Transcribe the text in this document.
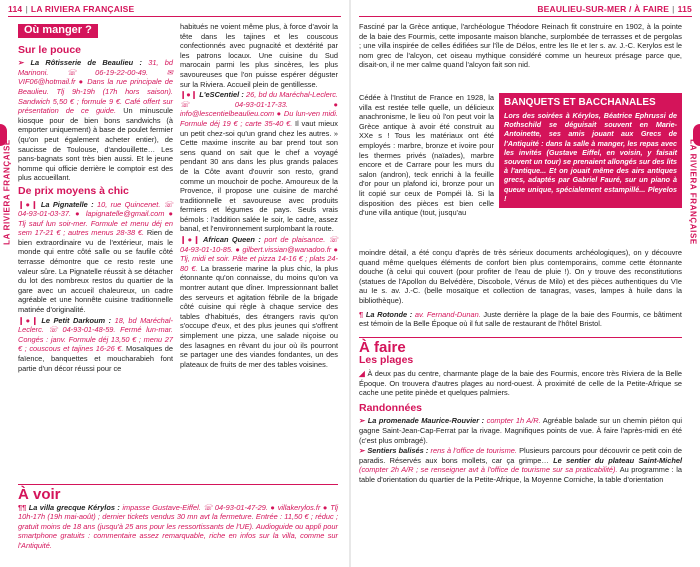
114 | LA RIVIERA FRANÇAISE
LA RIVIERA FRANÇAISE
Où manger ?
Sur le pouce

➢ La Rôtisserie de Beaulieu : 31, bd Marinoni. ☏ 06-19-22-00-49. ✉ VIF06@hotmail.fr ● Dans la rue principale de Beaulieu. Tlj 9h-19h (17h hors saison). Sandwich 5,50 € ; formule 9 €. Café offert sur présentation de ce guide. Un minuscule kiosque pour de bien bons sandwichs (à emporter uniquement) à base de poulet fermier (qu'on peut également acheter entier), de saucisse de Toulouse, d'andouillette… Les pans-bagnats sont très bien aussi. Et le jeune homme qui officie derrière le comptoir est des plus accueillant.

De prix moyens à chic

❙●❙ La Pignatelle : 10, rue Quincenet. ☏ 04-93-01-03-37. ● lapignatelle@gmail.com ● Tlj sauf lun soir-mer. Formule et menu déj en sem 17-21 € ; autres menus 28-38 €. Rien de bien extraordinaire vu de l'extérieur, mais le monde qui entre côté salle ou se faufile côté terrasse démontre que ce resto reste une valeur sûre. La Pignatelle réussit à se détacher du lot des nombreux restos du quartier de la gare avec un accueil chaleureux, un cadre agréable et une honnête cuisine traditionnelle matinée d'originalité.

❙●❙ Le Petit Darkoum : 18, bd Maréchal-Leclerc. ☏ 04-93-01-48-59. Fermé lun-mar. Congés : janv. Formule déj 13,50 € ; menu 27 € ; couscous et tajines 16-26 €. Mosaïques de faïence, banquettes et moucharabieh font partie d'un décor réussi pour ce

habitués ne voient même plus, à force d'avoir la tête dans les tajines et les couscous confectionnés avec pugnacité et dextérité par les patrons locaux. Une cuisine du Sud marocain parmi les plus sincères, les plus savoureuses que l'on puisse espérer déguster sur la Riviera. Accueil plein de gentillesse.

❙●❙ L'eSCentiel : 26, bd du Maréchal-Leclerc. ☏ 04-93-01-17-33. ● info@lescentielbeaulieu.com ● Du lun-ven midi. Formule déj 19 € ; carte 35-40 €. Il vaut mieux un petit chez-soi qu'un grand chez les autres. » Cette maxime inscrite au bar prend tout son sens quand on sait que le chef a voyagé pendant 30 ans dans les plus grands palaces de la Côte avant d'ouvrir son resto, grand comme un mouchoir de poche. Amoureux de la Provence, il propose une cuisine de marché traditionnelle et savoureuse avec produits fermiers et légumes de pays. Seuls vrais bémols : l'addition salée le soir, le cadre, assez banal, et l'environnement surplombant la route.

❙●❙ African Queen : port de plaisance. ☏ 04-93-01-10-85. ● gilbert.vissian@wanadoo.fr ● Tlj, midi et soir. Pâte et pizza 14-16 € ; plats 24-80 €. La brasserie marine la plus chic, la plus étonnante qu'on connaisse, du moins qu'on va montrer autant que dîner. Impressionnant ballet des serveurs et agitation fébrile de la brigade côté cuisine qui règle à chaque service des tables d'habitués, des étrangers ravis qu'on s'occupe d'eux, et des plus jeunes qui s'offrent simplement une pizza, une salade niçoise ou des lasagnes en rêvant du jour où ils pourront se partager une des viandes fondantes, un des plateaux de fruits de mer des tables voisines.

À voir

¶¶ La villa grecque Kérylos : impasse Gustave-Eiffel. ☏ 04-93-01-47-29. ● villakerylos.fr ● Tlj 10h-17h (19h mai-août) ; dernier tickets vendus 30 mn avt la fermeture. Entrée : 11,50 € ; réduc ; gratuit moins de 18 ans (jusqu'à 25 ans pour les ressortissants de l'UE). Audioguide ou appli pour smartphone gratuits : commentaire assez remarquable, riche en infos sur la villa, comme sur l'Antiquité.

BEAULIEU-SUR-MER / À FAIRE | 115
LA RIVIERA FRANÇAISE

Fasciné par la Grèce antique, l'archéologue Théodore Reinach fit construire en 1902, à la pointe de la baie des Fourmis, cette imposante maison blanche, surplombée de terrasses et de pergolas ; une villa inspirée de celles édifiées sur l'île de Délos, entre les IIe et Ier s. av. J.-C. Kerylos est le nom grec de l'alcyon, cet oiseau mythique considéré comme un heureux présage parce que, disait-on, il ne mer calme quand l'alcyon fait son nid.

Cédée à l'Institut de France en 1928, la villa est restée telle quelle, un délicieux anachronisme, le lieu où l'on peut voir la Grèce antique à avoir été construit au XXe s ! Tous les matériaux ont été employés : marbre, bronze et ivoire pour les thermes privés (naïades), marbre encore et de Carrare pour les murs du salon (andron), teck enrichi à la feuille d'or pour un plafond ici, bronze pour un lit copié sur ceux de Pompéi là. Si la disposition des pièces est bien celle d'une villa antique (tout, jusqu'au

BANQUETS ET BACCHANALES
Lors des soirées à Kérylos, Béatrice Ephrussi de Rothschild se déguisait souvent en Marie-Antoinette, ses amis jouant aux Grecs de l'Antiquité : dans la salle à manger, les repas avec les invités (Gustave Eiffel, en voisin, y faisait souvent un tour) se prenaient allongés sur des lits à l'antique... Et on jouait même des airs antiques grecs, adaptés par Gabriel Fauré, sur un piano à queue unique, spécialement estampillé... Pleyelos !

moindre détail, a été conçu d'après de très sérieux documents archéologiques), on y découvre quand même quelques éléments de confort bien plus contemporains, comme cette étonnante douche (à celui qui couvert (pour profiter de l'eau de pluie !). On y trouve des reconstitutions (statues de l'Apollon du Belvédère, Discobole, Vénus de Milo) et des pièces authentiques du VIe au Ie s. av. J.-C. (belle mosaïque et collection de tanagras, vases, lampes à huile dans la bibliothèque).

¶ La Rotonde : av. Fernand-Dunan. Juste derrière la plage de la baie des Fourmis, ce bâtiment est témoin de la Belle Époque où il fut salle de restaurant de l'hôtel Bristol.

À faire
Les plages

◢ À deux pas du centre, charmante plage de la baie des Fourmis, encore très Riviera de la Belle Époque. On trouvera d'autres plages au nord-ouest. À proximité de celle de la Petite-Afrique se cache une petite pinède et quelques palmiers.

Randonnées

➢ La promenade Maurice-Rouvier : compter 1h A/R. Agréable balade sur un chemin piéton qui gagne Saint-Jean-Cap-Ferrat par la rivage. Magnifiques points de vue. À faire l'après-midi en été (c'est plus ombragé).

➢ Sentiers balisés : rens à l'office de tourisme. Plusieurs parcours pour découvrir ce petit coin de paradis. Réservés aux bons mollets, car ça grimpe… Le sentier du plateau Saint-Michel (compter 2h A/R ; se renseigner avt à l'office de tourisme sur sa praticabilité). Au programme : la table d'orientation du quartier de la Petite-Afrique, la Moyenne Corniche, la table d'orientation
